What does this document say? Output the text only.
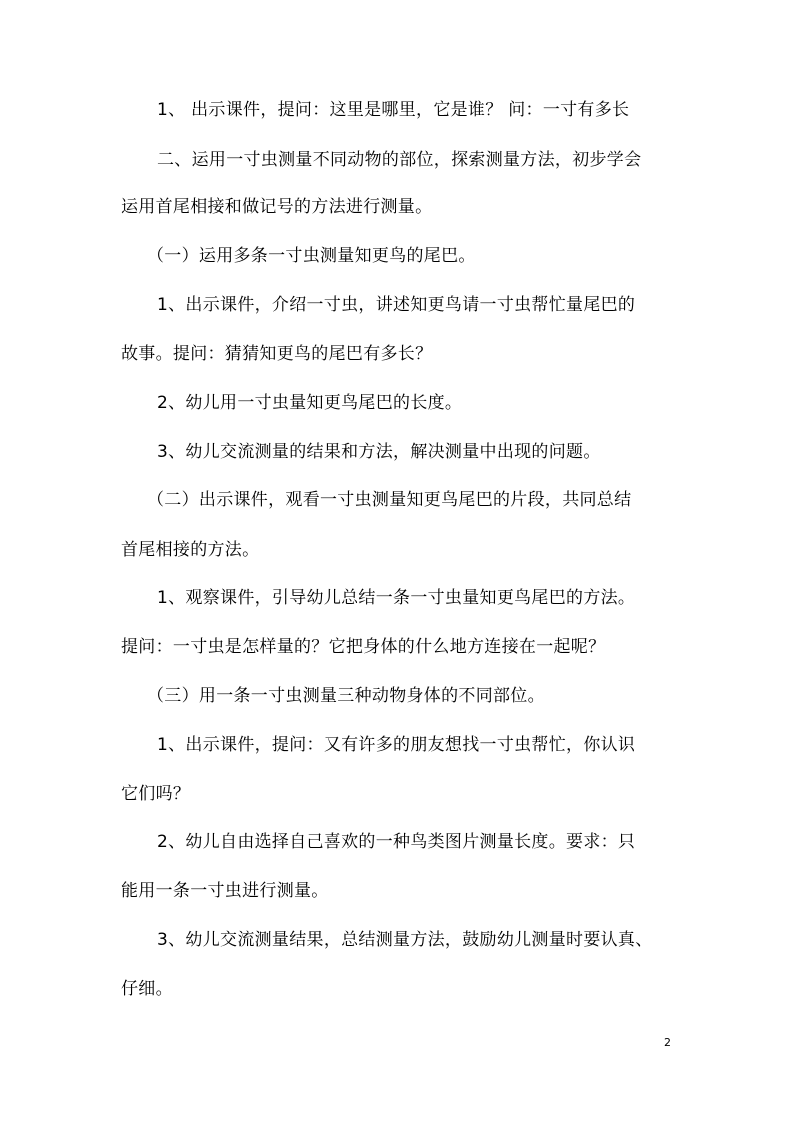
1、 出示课件，提问：这里是哪里，它是谁？ 问：一寸有多长
二、运用一寸虫测量不同动物的部位，探索测量方法，初步学会
运用首尾相接和做记号的方法进行测量。
（一）运用多条一寸虫测量知更鸟的尾巴。
1、出示课件，介绍一寸虫，讲述知更鸟请一寸虫帮忙量尾巴的
故事。提问：猜猜知更鸟的尾巴有多长？
2、幼儿用一寸虫量知更鸟尾巴的长度。
3、幼儿交流测量的结果和方法，解决测量中出现的问题。
（二）出示课件，观看一寸虫测量知更鸟尾巴的片段，共同总结
首尾相接的方法。
1、观察课件，引导幼儿总结一条一寸虫量知更鸟尾巴的方法。
提问：一寸虫是怎样量的？它把身体的什么地方连接在一起呢？
（三）用一条一寸虫测量三种动物身体的不同部位。
1、出示课件，提问：又有许多的朋友想找一寸虫帮忙，你认识
它们吗？
2、幼儿自由选择自己喜欢的一种鸟类图片测量长度。要求：只
能用一条一寸虫进行测量。
3、幼儿交流测量结果，总结测量方法，鼓励幼儿测量时要认真、
仔细。
2
